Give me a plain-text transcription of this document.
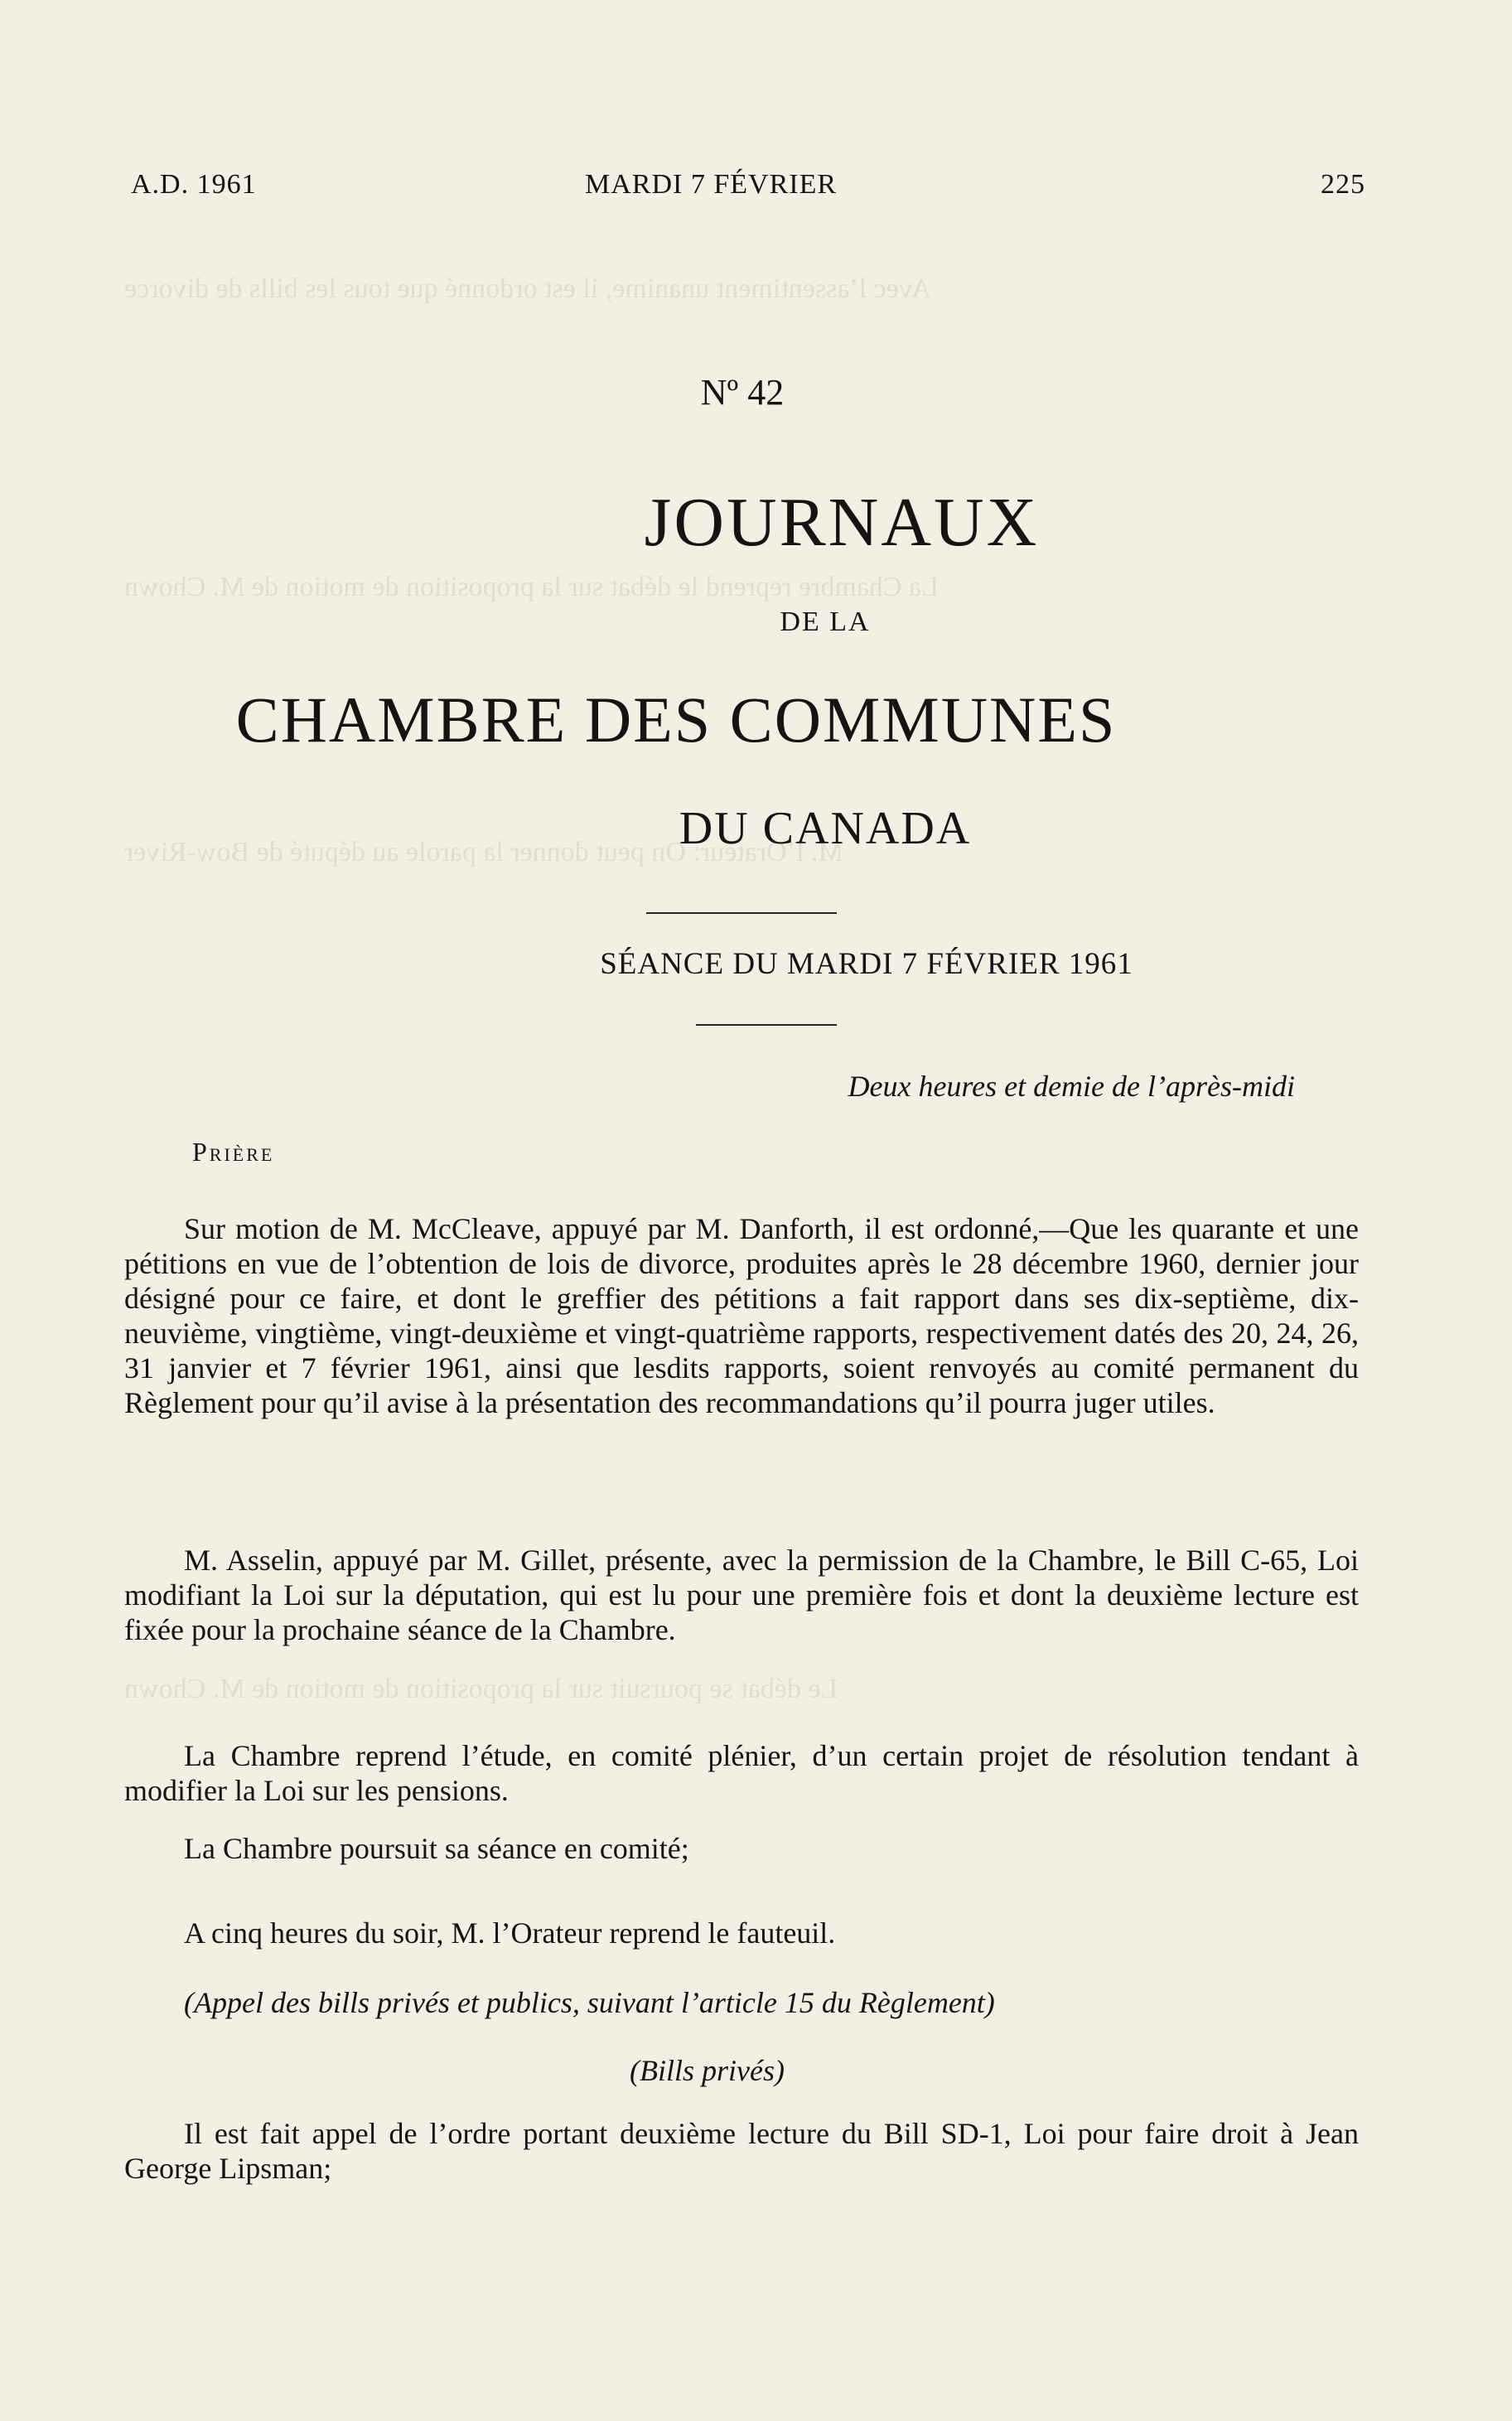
Avec l’assentiment unanime, il est ordonné que tous les bills de divorce
La Chambre reprend le débat sur la proposition de motion de M. Chown
M. l’Orateur: On peut donner la parole au député de Bow-River
Le débat se poursuit sur la proposition de motion de M. Chown
A.D. 1961	MARDI 7 FÉVRIER	225
Nº 42
JOURNAUX
DE LA
CHAMBRE DES COMMUNES
DU CANADA
SÉANCE DU MARDI 7 FÉVRIER 1961
Deux heures et demie de l’après-midi
Prière

Sur motion de M. McCleave, appuyé par M. Danforth, il est ordonné,—Que les quarante et une pétitions en vue de l’obtention de lois de divorce, produites après le 28 décembre 1960, dernier jour désigné pour ce faire, et dont le greffier des pétitions a fait rapport dans ses dix-septième, dix-neuvième, vingtième, vingt-deuxième et vingt-quatrième rapports, respectivement datés des 20, 24, 26, 31 janvier et 7 février 1961, ainsi que lesdits rapports, soient renvoyés au comité permanent du Règlement pour qu’il avise à la présentation des recommandations qu’il pourra juger utiles.

M. Asselin, appuyé par M. Gillet, présente, avec la permission de la Chambre, le Bill C-65, Loi modifiant la Loi sur la députation, qui est lu pour une première fois et dont la deuxième lecture est fixée pour la prochaine séance de la Chambre.

La Chambre reprend l’étude, en comité plénier, d’un certain projet de résolution tendant à modifier la Loi sur les pensions.

La Chambre poursuit sa séance en comité;

A cinq heures du soir, M. l’Orateur reprend le fauteuil.

(Appel des bills privés et publics, suivant l’article 15 du Règlement)

(Bills privés)

Il est fait appel de l’ordre portant deuxième lecture du Bill SD-1, Loi pour faire droit à Jean George Lipsman;
